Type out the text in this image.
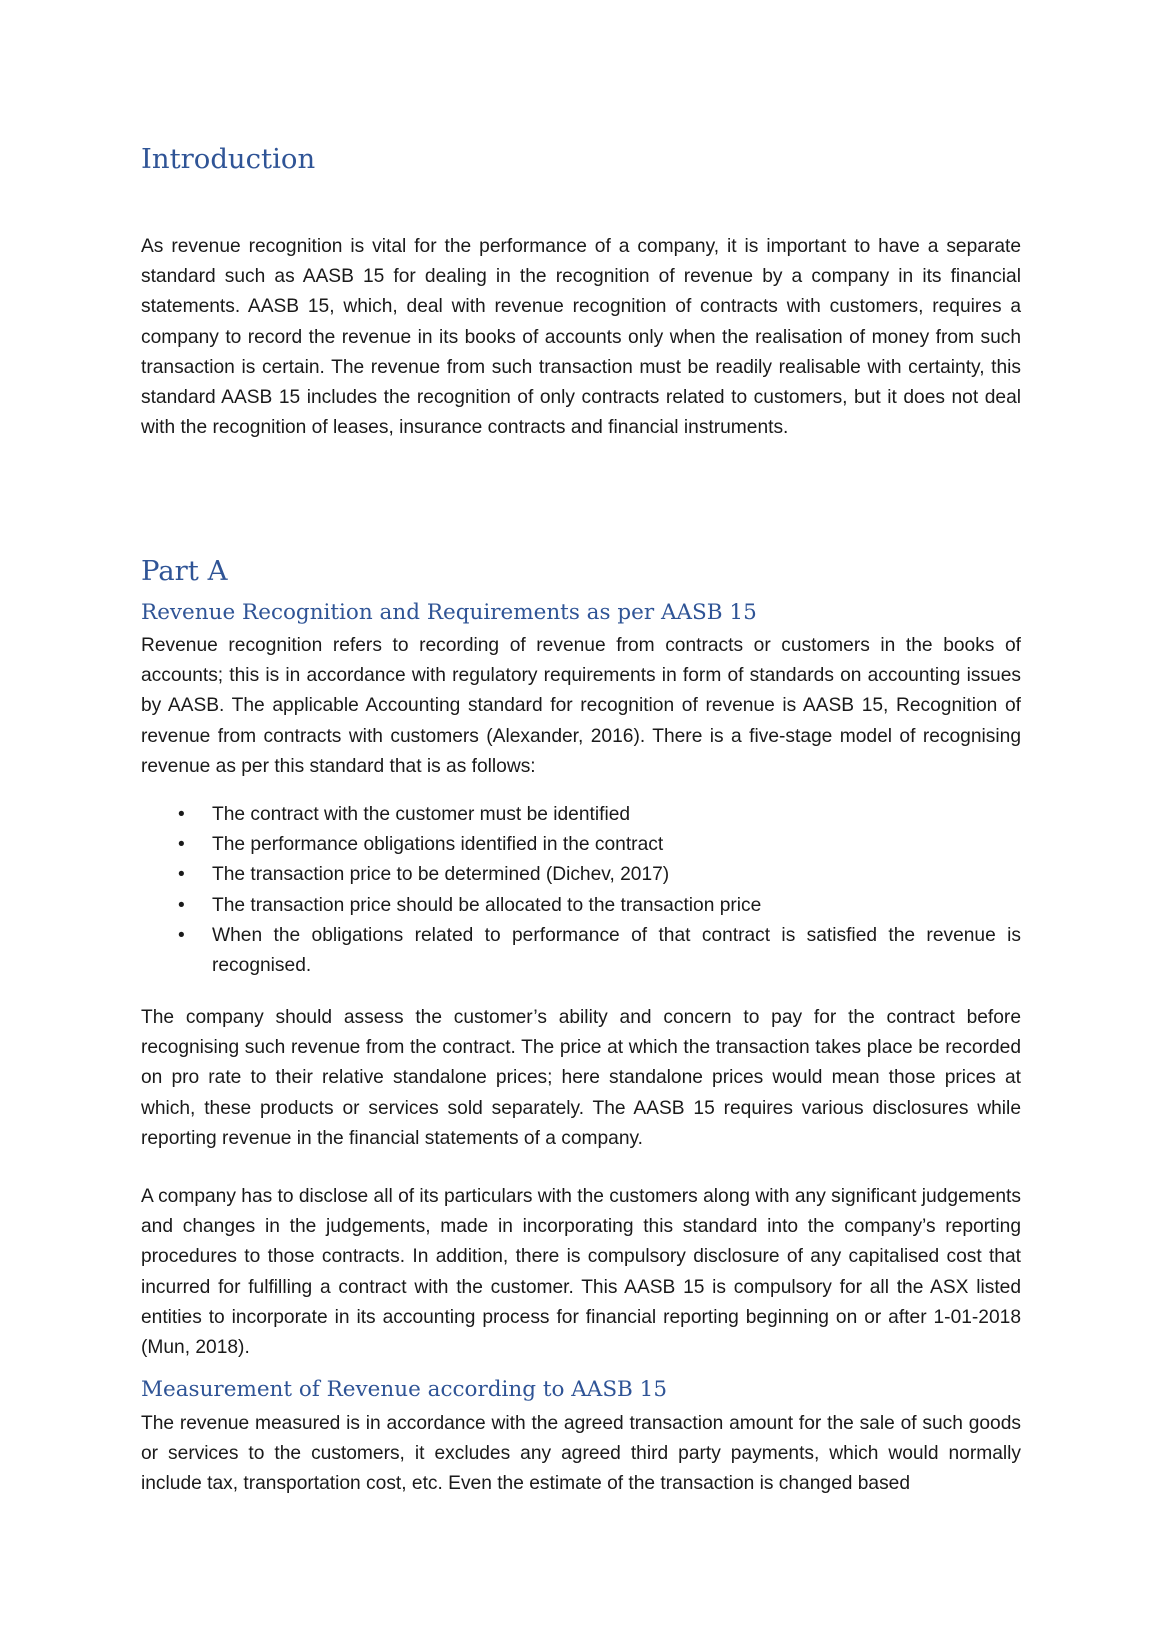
Introduction

As revenue recognition is vital for the performance of a company, it is important to have a separate standard such as AASB 15 for dealing in the recognition of revenue by a company in its financial statements. AASB 15, which, deal with revenue recognition of contracts with customers, requires a company to record the revenue in its books of accounts only when the realisation of money from such transaction is certain. The revenue from such transaction must be readily realisable with certainty, this standard AASB 15 includes the recognition of only contracts related to customers, but it does not deal with the recognition of leases, insurance contracts and financial instruments.

Part A
Revenue Recognition and Requirements as per AASB 15

Revenue recognition refers to recording of revenue from contracts or customers in the books of accounts; this is in accordance with regulatory requirements in form of standards on accounting issues by AASB. The applicable Accounting standard for recognition of revenue is AASB 15, Recognition of revenue from contracts with customers (Alexander, 2016). There is a five-stage model of recognising revenue as per this standard that is as follows:

• The contract with the customer must be identified
• The performance obligations identified in the contract
• The transaction price to be determined (Dichev, 2017)
• The transaction price should be allocated to the transaction price
• When the obligations related to performance of that contract is satisfied the revenue is recognised.

The company should assess the customer’s ability and concern to pay for the contract before recognising such revenue from the contract. The price at which the transaction takes place be recorded on pro rate to their relative standalone prices; here standalone prices would mean those prices at which, these products or services sold separately. The AASB 15 requires various disclosures while reporting revenue in the financial statements of a company.

A company has to disclose all of its particulars with the customers along with any significant judgements and changes in the judgements, made in incorporating this standard into the company’s reporting procedures to those contracts. In addition, there is compulsory disclosure of any capitalised cost that incurred for fulfilling a contract with the customer. This AASB 15 is compulsory for all the ASX listed entities to incorporate in its accounting process for financial reporting beginning on or after 1-01-2018 (Mun, 2018).

Measurement of Revenue according to AASB 15

The revenue measured is in accordance with the agreed transaction amount for the sale of such goods or services to the customers, it excludes any agreed third party payments, which would normally include tax, transportation cost, etc. Even the estimate of the transaction is changed based
